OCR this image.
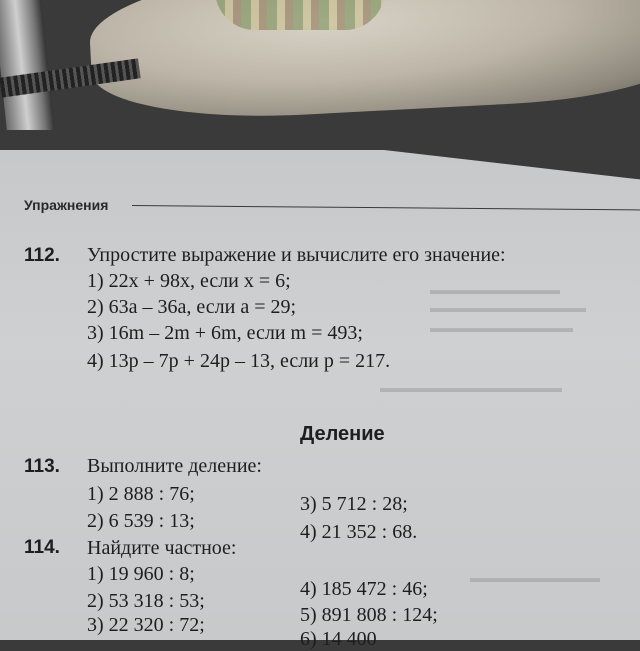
▬▬▬▬▬▬▬▬▬▬
▬▬▬▬▬▬▬▬▬▬▬▬
▬▬▬▬▬▬▬▬▬▬▬
▬▬▬▬▬▬▬▬▬▬▬▬▬▬
▬▬▬▬▬▬▬▬▬▬
Упражнения
112. Упростите выражение и вычислите его значение:
1) 22x + 98x, если x = 6;
2) 63a – 36a, если a = 29;
3) 16m – 2m + 6m, если m = 493;
4) 13p – 7p + 24p – 13, если p = 217.
Деление
113. Выполните деление:
1) 2 888 : 76;
2) 6 539 : 13;
3) 5 712 : 28;
4) 21 352 : 68.
114. Найдите частное:
1) 19 960 : 8;
2) 53 318 : 53;
3) 22 320 : 72;
4) 185 472 : 46;
5) 891 808 : 124;
6) 14 400
